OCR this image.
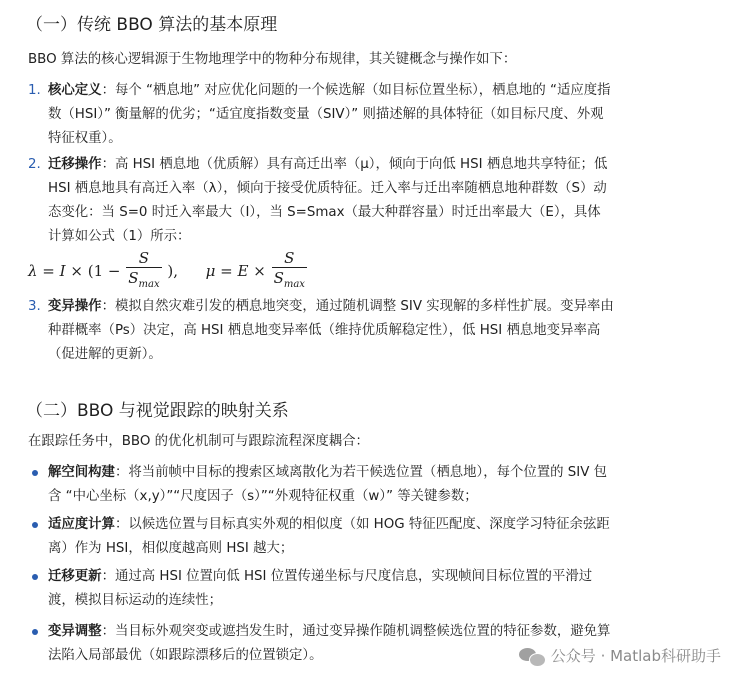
（一）传统 BBO 算法的基本原理
BBO 算法的核心逻辑源于生物地理学中的物种分布规律，其关键概念与操作如下：
1. 核心定义：每个 “栖息地” 对应优化问题的一个候选解（如目标位置坐标），栖息地的 “适应度指
数（HSI）” 衡量解的优劣；“适宜度指数变量（SIV）” 则描述解的具体特征（如目标尺度、外观
特征权重）。
2. 迁移操作：高 HSI 栖息地（优质解）具有高迁出率（μ），倾向于向低 HSI 栖息地共享特征；低
HSI 栖息地具有高迁入率（λ），倾向于接受优质特征。迁入率与迁出率随栖息地种群数（S）动
态变化：当 S=0 时迁入率最大（I），当 S=Smax（最大种群容量）时迁出率最大（E），具体
计算如公式（1）所示：
$\lambda = I \times (1 - \frac{S}{S_{max}}$ ), $\mu = E \times \frac{S}{S_{max}}$
3. 变异操作：模拟自然灾难引发的栖息地突变，通过随机调整 SIV 实现解的多样性扩展。变异率由
种群概率（Ps）决定，高 HSI 栖息地变异率低（维持优质解稳定性），低 HSI 栖息地变异率高
（促进解的更新）。
（二）BBO 与视觉跟踪的映射关系
在跟踪任务中，BBO 的优化机制可与跟踪流程深度耦合：
解空间构建：将当前帧中目标的搜索区域离散化为若干候选位置（栖息地），每个位置的 SIV 包
含 “中心坐标（x,y）”“尺度因子（s）”“外观特征权重（w）” 等关键参数；
适应度计算：以候选位置与目标真实外观的相似度（如 HOG 特征匹配度、深度学习特征余弦距
离）作为 HSI，相似度越高则 HSI 越大；
迁移更新：通过高 HSI 位置向低 HSI 位置传递坐标与尺度信息，实现帧间目标位置的平滑过
渡，模拟目标运动的连续性；
变异调整：当目标外观突变或遮挡发生时，通过变异操作随机调整候选位置的特征参数，避免算
法陷入局部最优（如跟踪漂移后的位置锁定）。	公众号 · Matlab科研助手
